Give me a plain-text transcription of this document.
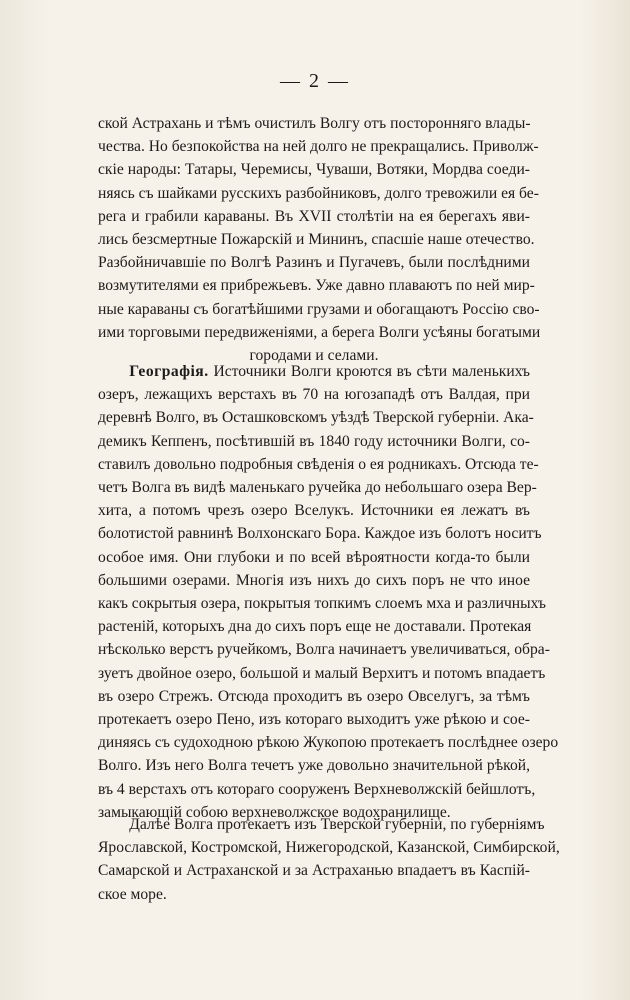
— 2 —
ской Астрахань и тѣмъ очистилъ Волгу отъ посторонняго влады-
чества. Но безпокойства на ней долго не прекращались. Приволж-
скіе народы: Татары, Черемисы, Чуваши, Вотяки, Мордва соеди-
няясь съ шайками русскихъ разбойниковъ, долго тревожили ея бе-
рега и грабили караваны. Въ XVII столѣтіи на ея берегахъ яви-
лись безсмертные Пожарскій и Мининъ, спасшіе наше отечество.
Разбойничавшіе по Волгѣ Разинъ и Пугачевъ, были послѣдними
возмутителями ея прибрежьевъ. Уже давно плаваютъ по ней мир-
ные караваны съ богатѣйшими грузами и обогащаютъ Россію сво-
ими торговыми передвиженіями, а берега Волги усѣяны богатыми
городами и селами.
Географія. Источники Волги кроются въ сѣти маленькихъ
озеръ, лежащихъ верстахъ въ 70 на югозападѣ отъ Валдая, при
деревнѣ Волго, въ Осташковскомъ уѣздѣ Тверской губерніи. Ака-
демикъ Кеппенъ, посѣтившій въ 1840 году источники Волги, со-
ставилъ довольно подробныя свѣденія о ея родникахъ. Отсюда те-
четъ Волга въ видѣ маленькаго ручейка до небольшаго озера Вер-
хита, а потомъ чрезъ озеро Вселукъ. Источники ея лежатъ въ
болотистой равнинѣ Волхонскаго Бора. Каждое изъ болотъ носитъ
особое имя. Они глубоки и по всей вѣроятности когда-то были
большими озерами. Многія изъ нихъ до сихъ поръ не что иное
какъ сокрытыя озера, покрытыя топкимъ слоемъ мха и различныхъ
растеній, которыхъ дна до сихъ поръ еще не доставали. Протекая
нѣсколько верстъ ручейкомъ, Волга начинаетъ увеличиваться, обра-
зуетъ двойное озеро, большой и малый Верхитъ и потомъ впадаетъ
въ озеро Стрежъ. Отсюда проходитъ въ озеро Овселугъ, за тѣмъ
протекаетъ озеро Пено, изъ котораго выходитъ уже рѣкою и сое-
диняясь съ судоходною рѣкою Жукопою протекаетъ послѣднее озеро
Волго. Изъ него Волга течетъ уже довольно значительной рѣкой,
въ 4 верстахъ отъ котораго сооруженъ Верхневолжскій бейшлотъ,
замыкающій собою верхневолжское водохранилище.
Далѣе Волга протекаетъ изъ Тверской губерніи, по губерніямъ
Ярославской, Костромской, Нижегородской, Казанской, Симбирской,
Самарской и Астраханской и за Астраханью впадаетъ въ Каспій-
ское море.
